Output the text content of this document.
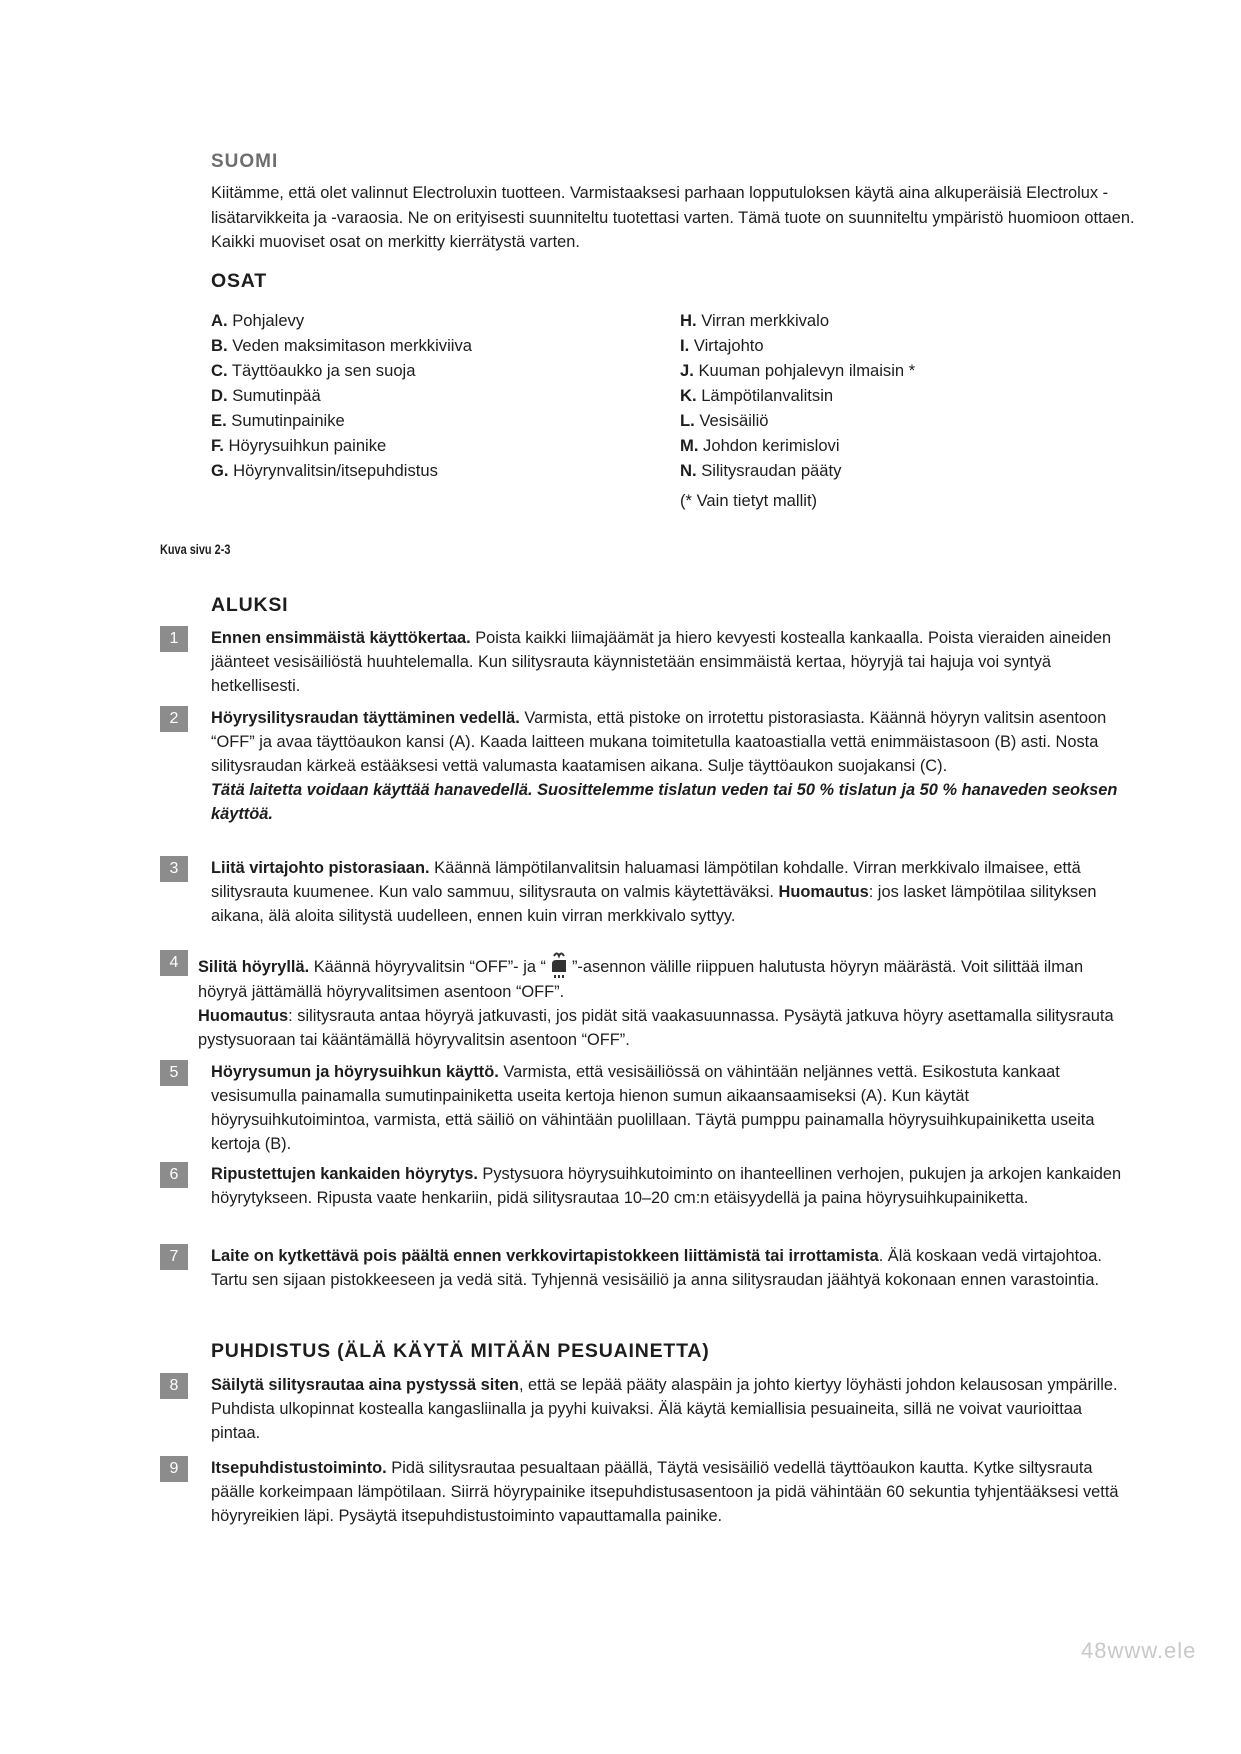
SUOMI

Kiitämme, että olet valinnut Electroluxin tuotteen. Varmistaaksesi parhaan lopputuloksen käytä aina alkuperäisiä Electrolux -lisätarvikkeita ja -varaosia. Ne on erityisesti suunniteltu tuotettasi varten. Tämä tuote on suunniteltu ympäristö huomioon ottaen. Kaikki muoviset osat on merkitty kierrätystä varten.

OSAT
A. Pohjalevy
B. Veden maksimitason merkkiviiva
C. Täyttöaukko ja sen suoja
D. Sumutinpää
E. Sumutinpainike
F. Höyrysuihkun painike
G. Höyrynvalitsin/itsepuhdistus
H. Virran merkkivalo
I. Virtajohto
J. Kuuman pohjalevyn ilmaisin *
K. Lämpötilanvalitsin
L. Vesisäiliö
M. Johdon kerimislovi
N. Silitysraudan pääty

(* Vain tietyt mallit)

Kuva sivu 2-3

ALUKSI
1	Ennen ensimmäistä käyttökertaa. Poista kaikki liimajäämät ja hiero kevyesti kostealla kankaalla. Poista vieraiden aineiden jäänteet vesisäiliöstä huuhtelemalla. Kun silitysrauta käynnistetään ensimmäistä kertaa, höyryjä tai hajuja voi syntyä hetkellisesti.

2	Höyrysilitysraudan täyttäminen vedellä. Varmista, että pistoke on irrotettu pistorasiasta. Käännä höyryn valitsin asentoon “OFF” ja avaa täyttöaukon kansi (A). Kaada laitteen mukana toimitetulla kaatoastialla vettä enimmäistasoon (B) asti. Nosta silitysraudan kärkeä estääksesi vettä valumasta kaatamisen aikana. Sulje täyttöaukon suojakansi (C).
Tätä laitetta voidaan käyttää hanavedellä. Suosittelemme tislatun veden tai 50 % tislatun ja 50 % hanaveden seoksen käyttöä.

3	Liitä virtajohto pistorasiaan. Käännä lämpötilanvalitsin haluamasi lämpötilan kohdalle. Virran merkkivalo ilmaisee, että silitysrauta kuumenee. Kun valo sammuu, silitysrauta on valmis käytettäväksi. Huomautus: jos lasket lämpötilaa silityksen aikana, älä aloita silitystä uudelleen, ennen kuin virran merkkivalo syttyy.

4	Silitä höyryllä. Käännä höyryvalitsin “OFF”- ja “ ”-asennon välille riippuen halutusta höyryn määrästä. Voit silittää ilman höyryä jättämällä höyryvalitsimen asentoon “OFF”.
Huomautus: silitysrauta antaa höyryä jatkuvasti, jos pidät sitä vaakasuunnassa. Pysäytä jatkuva höyry asettamalla silitysrauta pystysuoraan tai kääntämällä höyryvalitsin asentoon “OFF”.

5	Höyrysumun ja höyrysuihkun käyttö. Varmista, että vesisäiliössä on vähintään neljännes vettä. Esikostuta kankaat vesisumulla painamalla sumutinpainiketta useita kertoja hienon sumun aikaansaamiseksi (A). Kun käytät höyrysuihkutoimintoa, varmista, että säiliö on vähintään puolillaan. Täytä pumppu painamalla höyrysuihkupainiketta useita kertoja (B).

6	Ripustettujen kankaiden höyrytys. Pystysuora höyrysuihkutoiminto on ihanteellinen verhojen, pukujen ja arkojen kankaiden höyrytykseen. Ripusta vaate henkariin, pidä silitysrautaa 10–20 cm:n etäisyydellä ja paina höyrysuihkupainiketta.

7	Laite on kytkettävä pois päältä ennen verkkovirtapistokkeen liittämistä tai irrottamista. Älä koskaan vedä virtajohtoa. Tartu sen sijaan pistokkeeseen ja vedä sitä. Tyhjennä vesisäiliö ja anna silitysraudan jäähtyä kokonaan ennen varastointia.

PUHDISTUS (ÄLÄ KÄYTÄ MITÄÄN PESUAINETTA)
8	Säilytä silitysrautaa aina pystyssä siten, että se lepää pääty alaspäin ja johto kiertyy löyhästi johdon kelausosan ympärille. Puhdista ulkopinnat kostealla kangasliinalla ja pyyhi kuivaksi. Älä käytä kemiallisia pesuaineita, sillä ne voivat vaurioittaa pintaa.

9	Itsepuhdistustoiminto. Pidä silitysrautaa pesualtaan päällä, Täytä vesisäiliö vedellä täyttöaukon kautta. Kytke siltysrauta päälle korkeimpaan lämpötilaan. Siirrä höyrypainike itsepuhdistusasentoon ja pidä vähintään 60 sekuntia tyhjentääksesi vettä höyryreikien läpi. Pysäytä itsepuhdistustoiminto vapauttamalla painike.

48www.ele
